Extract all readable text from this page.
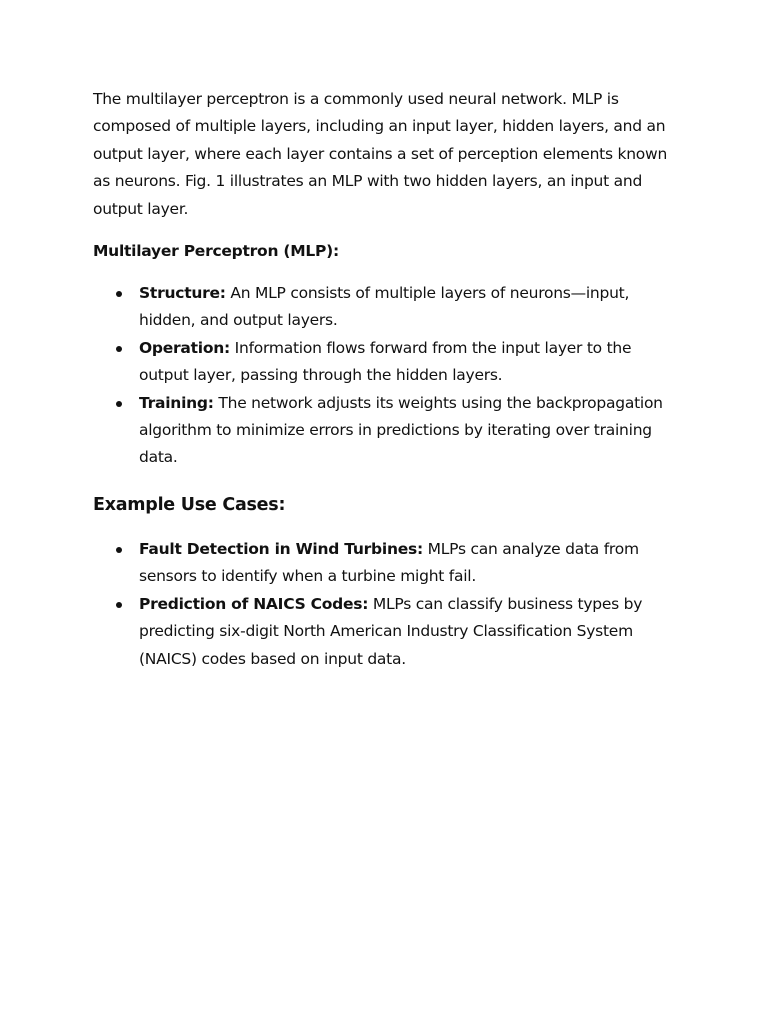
The multilayer perceptron is a commonly used neural network. MLP is composed of multiple layers, including an input layer, hidden layers, and an output layer, where each layer contains a set of perception elements known as neurons. Fig. 1 illustrates an MLP with two hidden layers, an input and output layer.

Multilayer Perceptron (MLP):
Structure: An MLP consists of multiple layers of neurons—input, hidden, and output layers.
Operation: Information flows forward from the input layer to the output layer, passing through the hidden layers.
Training: The network adjusts its weights using the backpropagation algorithm to minimize errors in predictions by iterating over training data.
Example Use Cases:
Fault Detection in Wind Turbines: MLPs can analyze data from sensors to identify when a turbine might fail.
Prediction of NAICS Codes: MLPs can classify business types by predicting six-digit North American Industry Classification System (NAICS) codes based on input data.
